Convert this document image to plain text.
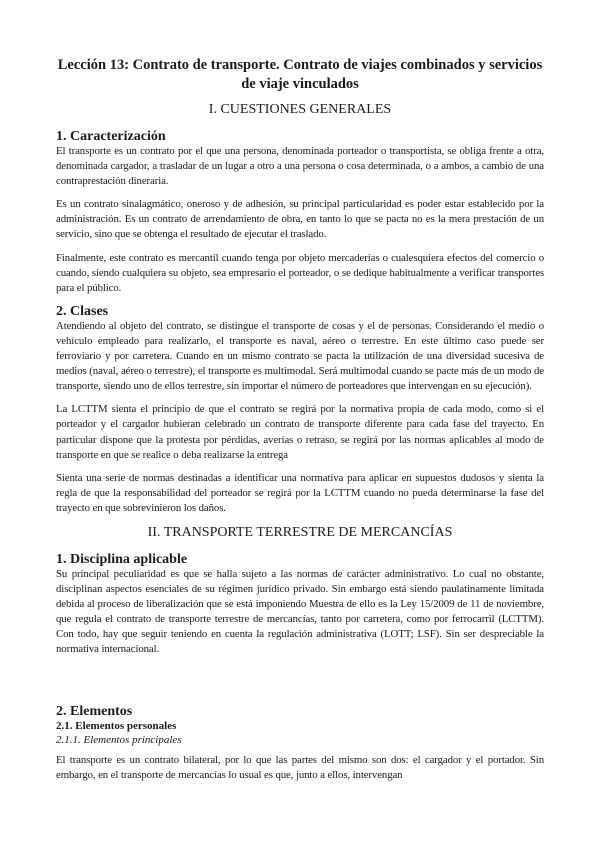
Lección 13: Contrato de transporte. Contrato de viajes combinados y servicios de viaje vinculados
I. CUESTIONES GENERALES
1. Caracterización
El transporte es un contrato por el que una persona, denominada porteador o transportista, se obliga frente a otra, denominada cargador, a trasladar de un lugar a otro a una persona o cosa determinada, o a ambos, a cambio de una contraprestación dineraria.
Es un contrato sinalagmático, oneroso y de adhesión, su principal particularidad es poder estar establecido por la administración. Es un contrato de arrendamiento de obra, en tanto lo que se pacta no es la mera prestación de un servicio, sino que se obtenga el resultado de ejecutar el traslado.
Finalmente, este contrato es mercantil cuando tenga por objeto mercaderías o cualesquiera efectos del comercio o cuando, siendo cualquiera su objeto, sea empresario el porteador, o se dedique habitualmente a verificar transportes para el público.
2. Clases
Atendiendo al objeto del contrato, se distingue el transporte de cosas y el de personas. Considerando el medio o vehículo empleado para realizarlo, el transporte es naval, aéreo o terrestre. En este último caso puede ser ferroviario y por carretera. Cuando en un mismo contrato se pacta la utilización de una diversidad sucesiva de medios (naval, aéreo o terrestre), el transporte es multimodal. Será multimodal cuando se pacte más de un modo de transporte, siendo uno de ellos terrestre, sin importar el número de porteadores que intervengan en su ejecución).
La LCTTM sienta el principio de que el contrato se regirá por la normativa propia de cada modo, como si el porteador y el cargador hubieran celebrado un contrato de transporte diferente para cada fase del trayecto. En particular dispone que la protesta por pérdidas, averías o retraso, se regirá por las normas aplicables al modo de transporte en que se realice o deba realizarse la entrega
Sienta una serie de normas destinadas a identificar una normativa para aplicar en supuestos dudosos y sienta la regla de que la responsabilidad del porteador se regirá por la LCTTM cuando no pueda determinarse la fase del trayecto en que sobrevinieron los daños.
II. TRANSPORTE TERRESTRE DE MERCANCÍAS
1. Disciplina aplicable
Su principal peculiaridad es que se halla sujeto a las normas de carácter administrativo. Lo cual no obstante, disciplinan aspectos esenciales de su régimen jurídico privado. Sin embargo está siendo paulatinamente limitada debida al proceso de liberalización que se está imponiendo Muestra de ello es la Ley 15/2009 de 11 de noviembre, que regula el contrato de transporte terrestre de mercancías, tanto por carretera, como por ferrocarril (LCTTM). Con todo, hay que seguir teniendo en cuenta la regulación administrativa (LOTT; LSF). Sin ser despreciable la normativa internacional.
2. Elementos
2.1. Elementos personales
2.1.1. Elementos principales
El transporte es un contrato bilateral, por lo que las partes del mismo son dos: el cargador y el portador. Sin embargo, en el transporte de mercancías lo usual es que, junto a ellos, intervengan
